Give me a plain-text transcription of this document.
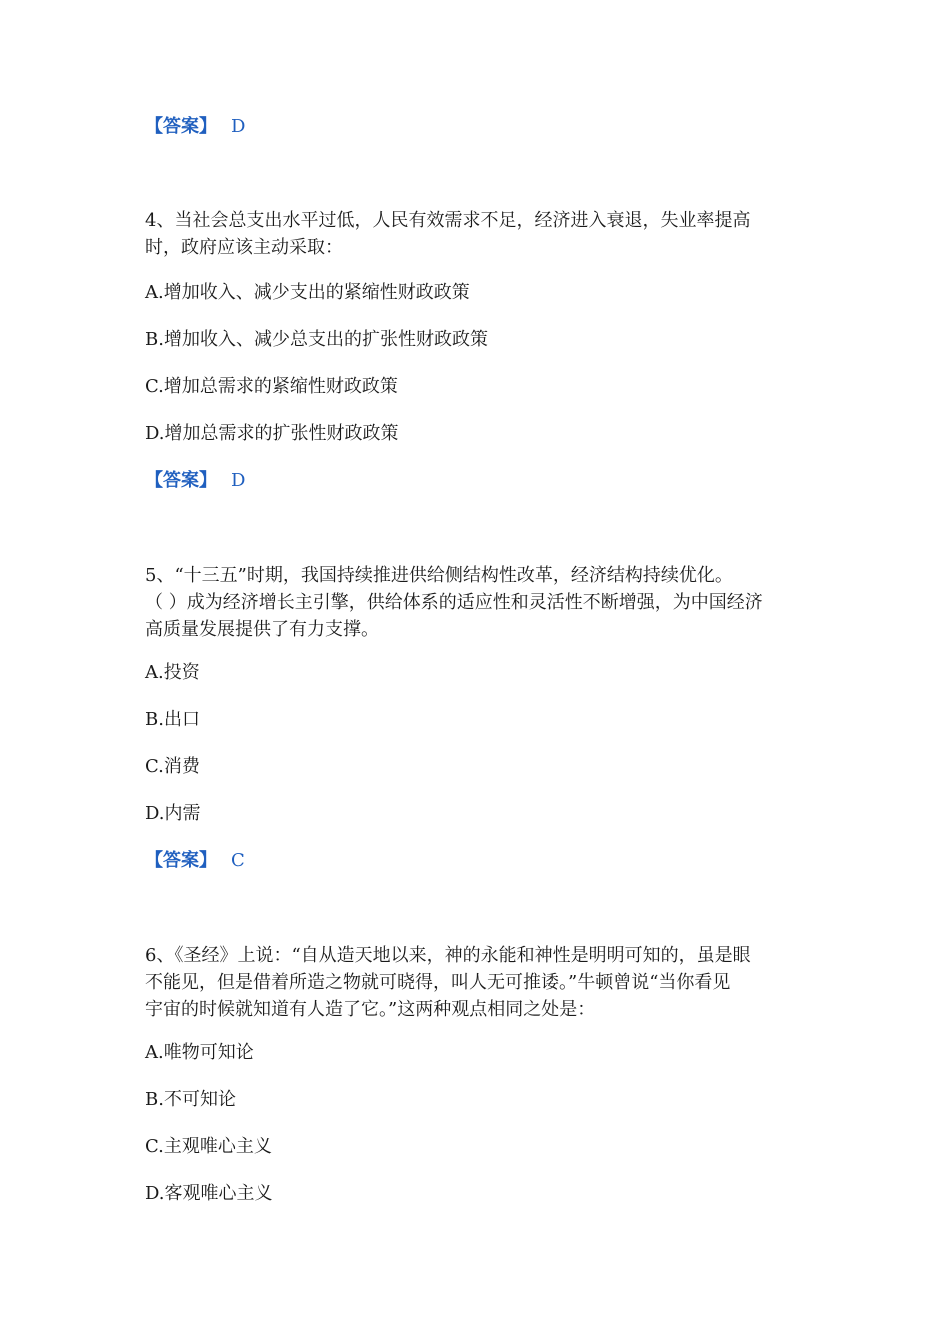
【答案】 D
4、当社会总支出水平过低，人民有效需求不足，经济进入衰退，失业率提高
时，政府应该主动采取：
A.增加收入、减少支出的紧缩性财政政策
B.增加收入、减少总支出的扩张性财政政策
C.增加总需求的紧缩性财政政策
D.增加总需求的扩张性财政政策
【答案】 D
5、“十三五”时期，我国持续推进供给侧结构性改革，经济结构持续优化。
（ ）成为经济增长主引擎，供给体系的适应性和灵活性不断增强，为中国经济
高质量发展提供了有力支撑。
A.投资
B.出口
C.消费
D.内需
【答案】 C
6、《圣经》上说：“自从造天地以来，神的永能和神性是明明可知的，虽是眼
不能见，但是借着所造之物就可晓得，叫人无可推诿。”牛顿曾说“当你看见
宇宙的时候就知道有人造了它。”这两种观点相同之处是：
A.唯物可知论
B.不可知论
C.主观唯心主义
D.客观唯心主义
